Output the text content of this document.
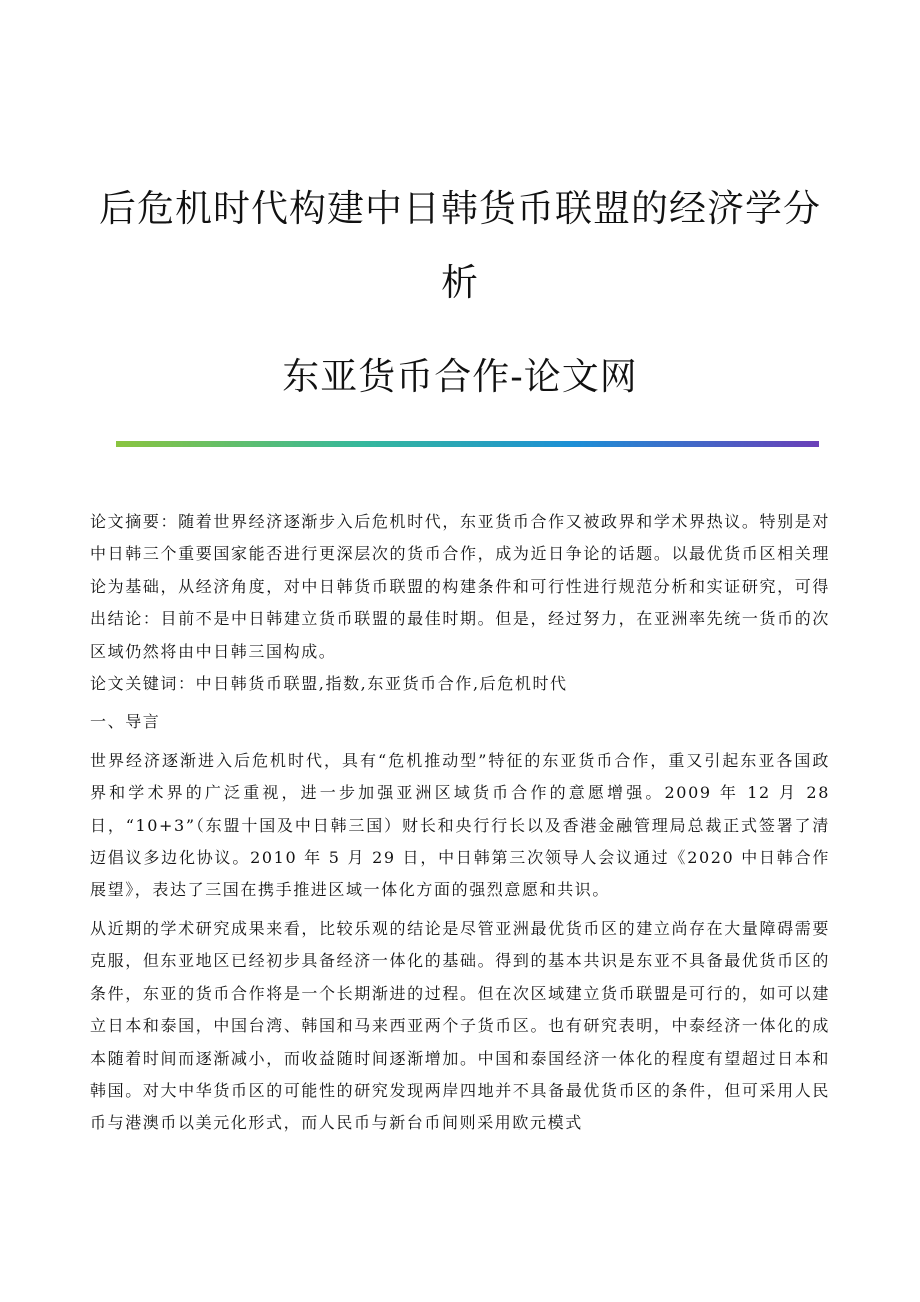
后危机时代构建中日韩货币联盟的经济学分析
东亚货币合作-论文网

论文摘要：随着世界经济逐渐步入后危机时代，东亚货币合作又被政界和学术界热议。特别是对中日韩三个重要国家能否进行更深层次的货币合作，成为近日争论的话题。以最优货币区相关理论为基础，从经济角度，对中日韩货币联盟的构建条件和可行性进行规范分析和实证研究，可得出结论：目前不是中日韩建立货币联盟的最佳时期。但是，经过努力，在亚洲率先统一货币的次区域仍然将由中日韩三国构成。

论文关键词：中日韩货币联盟,指数,东亚货币合作,后危机时代

一、导言

世界经济逐渐进入后危机时代，具有“危机推动型”特征的东亚货币合作，重又引起东亚各国政界和学术界的广泛重视，进一步加强亚洲区域货币合作的意愿增强。2009 年 12 月 28 日，“10+3”（东盟十国及中日韩三国）财长和央行行长以及香港金融管理局总裁正式签署了清迈倡议多边化协议。2010 年 5 月 29 日，中日韩第三次领导人会议通过《2020 中日韩合作展望》，表达了三国在携手推进区域一体化方面的强烈意愿和共识。

从近期的学术研究成果来看，比较乐观的结论是尽管亚洲最优货币区的建立尚存在大量障碍需要克服，但东亚地区已经初步具备经济一体化的基础。得到的基本共识是东亚不具备最优货币区的条件，东亚的货币合作将是一个长期渐进的过程。但在次区域建立货币联盟是可行的，如可以建立日本和泰国，中国台湾、韩国和马来西亚两个子货币区。也有研究表明，中泰经济一体化的成本随着时间而逐渐减小，而收益随时间逐渐增加。中国和泰国经济一体化的程度有望超过日本和韩国。对大中华货币区的可能性的研究发现两岸四地并不具备最优货币区的条件，但可采用人民币与港澳币以美元化形式，而人民币与新台币间则采用欧元模式
